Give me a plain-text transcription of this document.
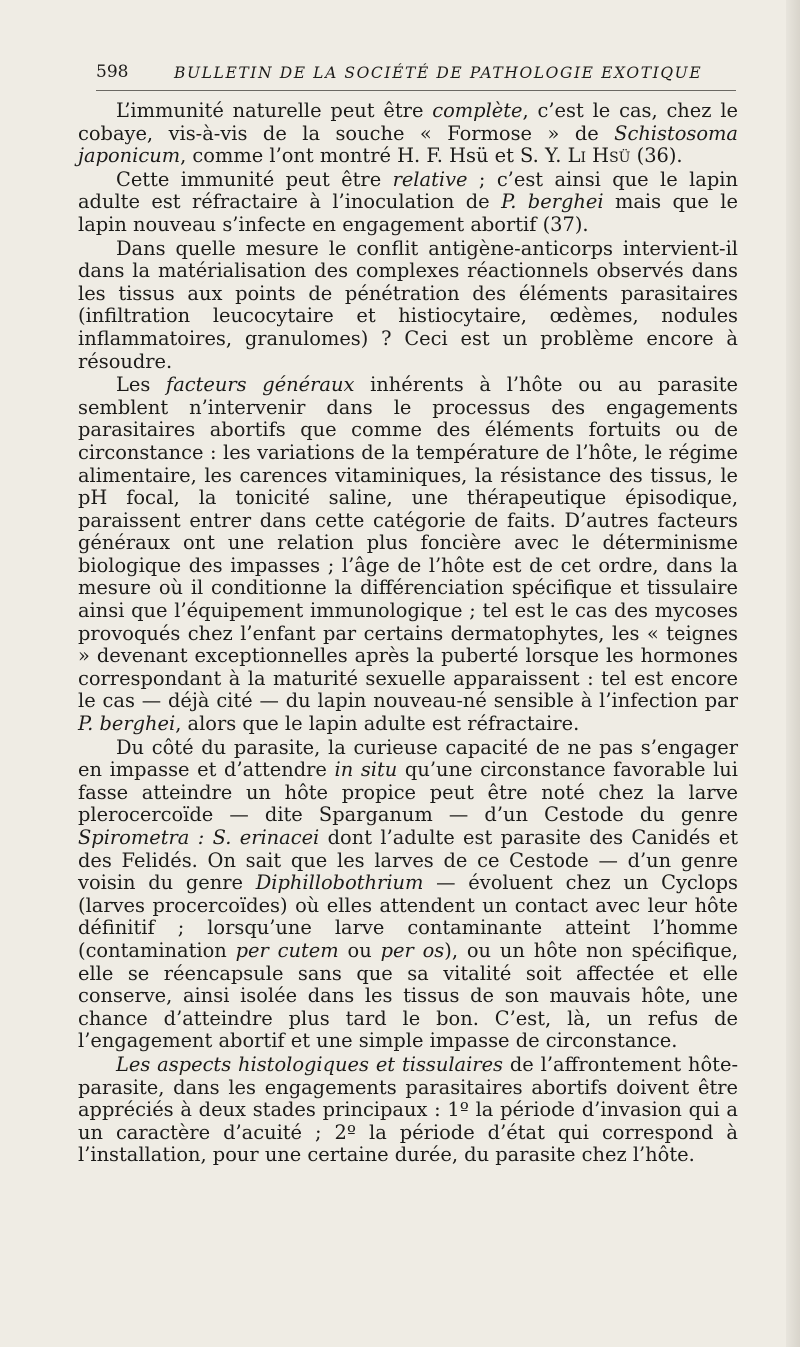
598	BULLETIN DE LA SOCIÉTÉ DE PATHOLOGIE EXOTIQUE

L’immunité naturelle peut être complète, c’est le cas, chez le cobaye, vis-à-vis de la souche « Formose » de Schistosoma japonicum, comme l’ont montré H. F. Hsü et S. Y. Li Hsü (36).

Cette immunité peut être relative ; c’est ainsi que le lapin adulte est réfractaire à l’inoculation de P. berghei mais que le lapin nouveau s’infecte en engagement abortif (37).

Dans quelle mesure le conflit antigène-anticorps intervient-il dans la matérialisation des complexes réactionnels observés dans les tissus aux points de pénétration des éléments parasitaires (infiltration leucocytaire et histiocytaire, œdèmes, nodules inflammatoires, granulomes) ? Ceci est un problème encore à résoudre.

Les facteurs généraux inhérents à l’hôte ou au parasite semblent n’intervenir dans le processus des engagements parasitaires abortifs que comme des éléments fortuits ou de circonstance : les variations de la température de l’hôte, le régime alimentaire, les carences vitaminiques, la résistance des tissus, le pH focal, la tonicité saline, une thérapeutique épisodique, paraissent entrer dans cette catégorie de faits. D’autres facteurs généraux ont une relation plus foncière avec le déterminisme biologique des impasses ; l’âge de l’hôte est de cet ordre, dans la mesure où il conditionne la différenciation spécifique et tissulaire ainsi que l’équipement immunologique ; tel est le cas des mycoses provoqués chez l’enfant par certains dermatophytes, les « teignes » devenant exceptionnelles après la puberté lorsque les hormones correspondant à la maturité sexuelle apparaissent : tel est encore le cas — déjà cité — du lapin nouveau-né sensible à l’infection par P. berghei, alors que le lapin adulte est réfractaire.

Du côté du parasite, la curieuse capacité de ne pas s’engager en impasse et d’attendre in situ qu’une circonstance favorable lui fasse atteindre un hôte propice peut être noté chez la larve plerocercoïde — dite Sparganum — d’un Cestode du genre Spirometra : S. erinacei dont l’adulte est parasite des Canidés et des Felidés. On sait que les larves de ce Cestode — d’un genre voisin du genre Diphillobothrium — évoluent chez un Cyclops (larves procercoïdes) où elles attendent un contact avec leur hôte définitif ; lorsqu’une larve contaminante atteint l’homme (contamination per cutem ou per os), ou un hôte non spécifique, elle se réencapsule sans que sa vitalité soit affectée et elle conserve, ainsi isolée dans les tissus de son mauvais hôte, une chance d’atteindre plus tard le bon. C’est, là, un refus de l’engagement abortif et une simple impasse de circonstance.

Les aspects histologiques et tissulaires de l’affrontement hôte-parasite, dans les engagements parasitaires abortifs doivent être appréciés à deux stades principaux : 1º la période d’invasion qui a un caractère d’acuité ; 2º la période d’état qui correspond à l’installation, pour une certaine durée, du parasite chez l’hôte.
